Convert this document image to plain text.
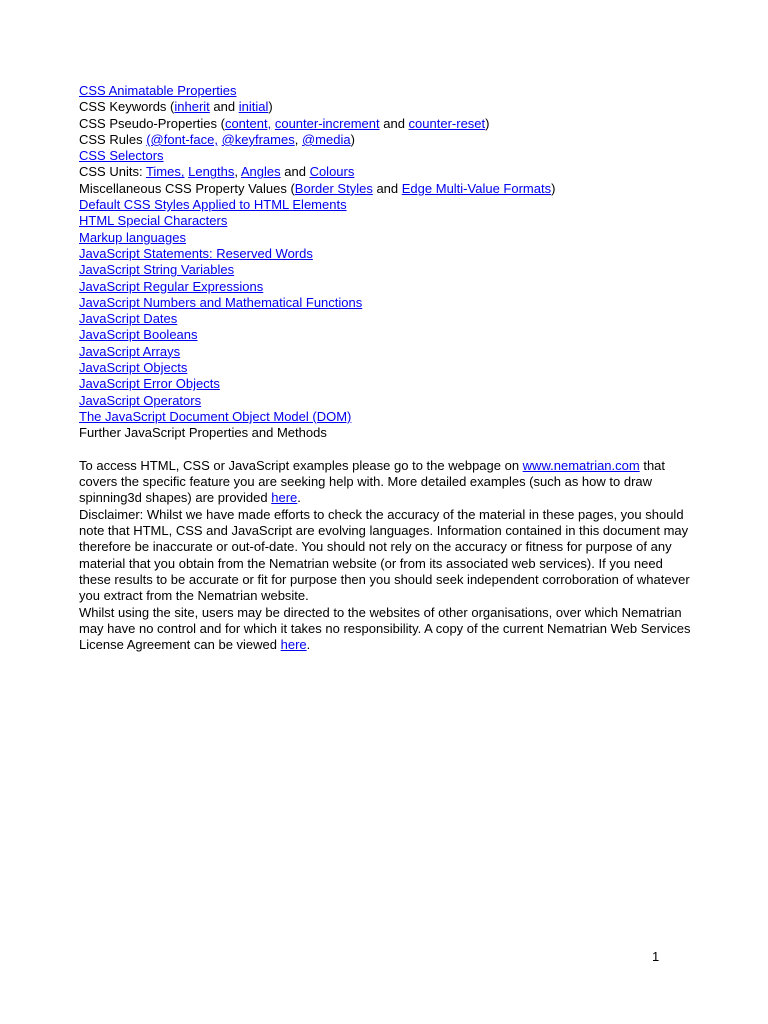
CSS Animatable Properties
CSS Keywords (inherit and initial)
CSS Pseudo-Properties (content, counter-increment and counter-reset)
CSS Rules (@font-face, @keyframes, @media)
CSS Selectors
CSS Units: Times, Lengths, Angles and Colours
Miscellaneous CSS Property Values (Border Styles and Edge Multi-Value Formats)
Default CSS Styles Applied to HTML Elements
HTML Special Characters
Markup languages
JavaScript Statements: Reserved Words
JavaScript String Variables
JavaScript Regular Expressions
JavaScript Numbers and Mathematical Functions
JavaScript Dates
JavaScript Booleans
JavaScript Arrays
JavaScript Objects
JavaScript Error Objects
JavaScript Operators
The JavaScript Document Object Model (DOM)
Further JavaScript Properties and Methods
To access HTML, CSS or JavaScript examples please go to the webpage on www.nematrian.com that covers the specific feature you are seeking help with. More detailed examples (such as how to draw spinning3d shapes) are provided here.
Disclaimer: Whilst we have made efforts to check the accuracy of the material in these pages, you should note that HTML, CSS and JavaScript are evolving languages. Information contained in this document may therefore be inaccurate or out-of-date. You should not rely on the accuracy or fitness for purpose of any material that you obtain from the Nematrian website (or from its associated web services). If you need these results to be accurate or fit for purpose then you should seek independent corroboration of whatever you extract from the Nematrian website.
Whilst using the site, users may be directed to the websites of other organisations, over which Nematrian may have no control and for which it takes no responsibility. A copy of the current Nematrian Web Services License Agreement can be viewed here.
1
